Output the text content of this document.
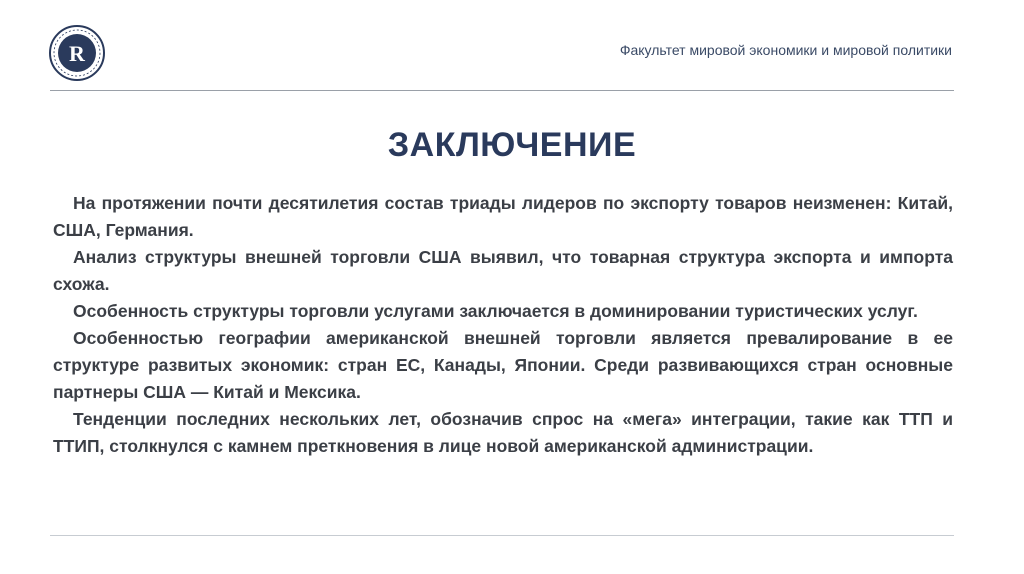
R	Факультет мировой экономики и мировой политики
ЗАКЛЮЧЕНИЕ

На протяжении почти десятилетия состав триады лидеров по экспорту товаров неизменен: Китай, США, Германия.

Анализ структуры внешней торговли США выявил, что товарная структура экспорта и импорта схожа.

Особенность структуры торговли услугами заключается в доминировании туристических услуг.

Особенностью географии американской внешней торговли является превалирование в ее структуре развитых экономик: стран ЕС, Канады, Японии. Среди развивающихся стран основные партнеры США — Китай и Мексика.

Тенденции последних нескольких лет, обозначив спрос на «мега» интеграции, такие как ТТП и ТТИП, столкнулся с камнем преткновения в лице новой американской администрации.
